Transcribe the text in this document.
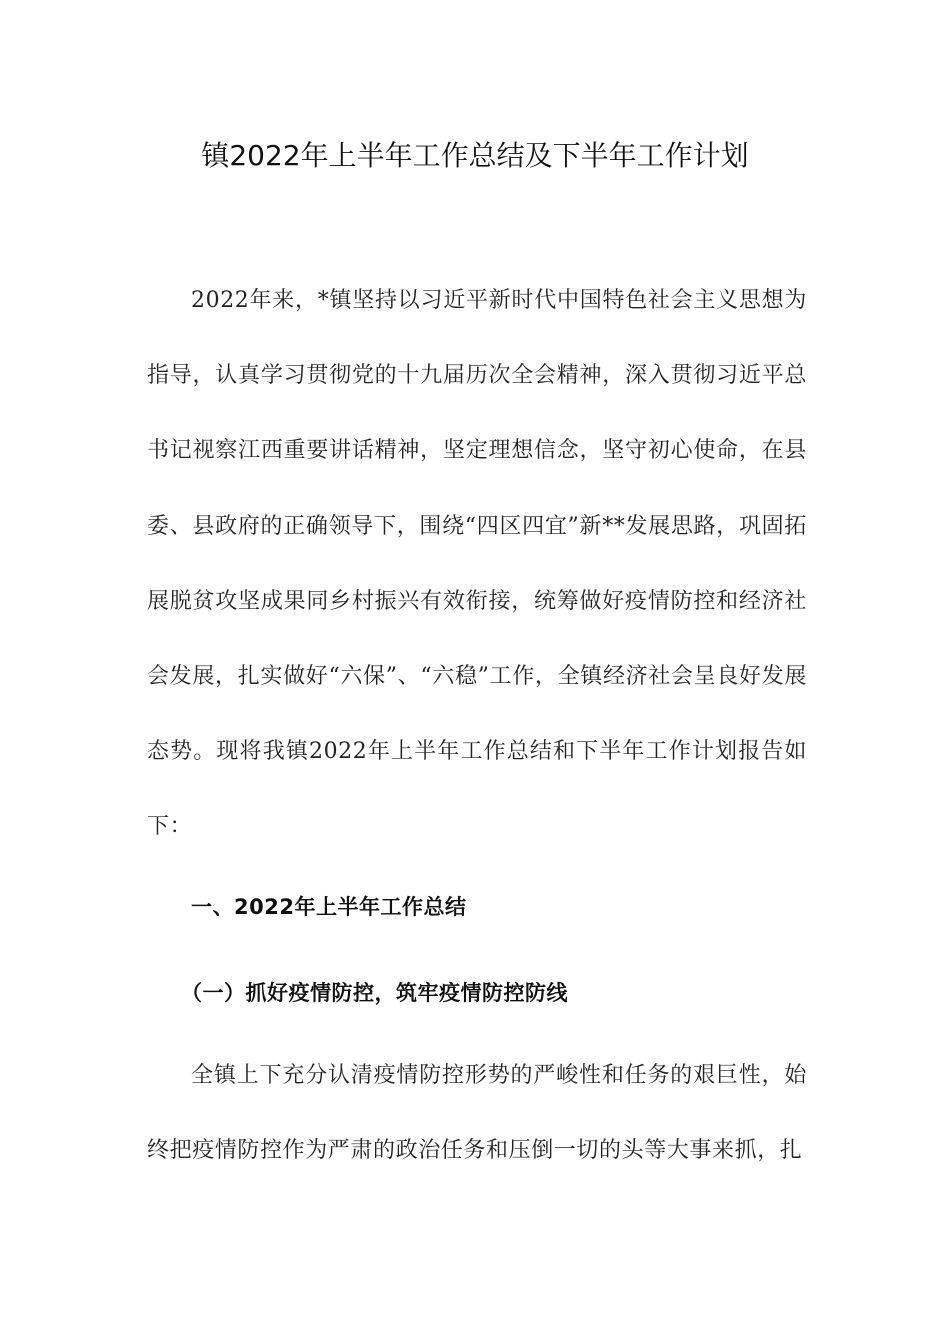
镇2022年上半年工作总结及下半年工作计划

2022年来，*镇坚持以习近平新时代中国特色社会主义思想为指导，认真学习贯彻党的十九届历次全会精神，深入贯彻习近平总书记视察江西重要讲话精神，坚定理想信念，坚守初心使命，在县委、县政府的正确领导下，围绕“四区四宜”新**发展思路，巩固拓展脱贫攻坚成果同乡村振兴有效衔接，统筹做好疫情防控和经济社会发展，扎实做好“六保”、“六稳”工作，全镇经济社会呈良好发展态势。现将我镇2022年上半年工作总结和下半年工作计划报告如下：

一、2022年上半年工作总结
（一）抓好疫情防控，筑牢疫情防控防线

全镇上下充分认清疫情防控形势的严峻性和任务的艰巨性，始终把疫情防控作为严肃的政治任务和压倒一切的头等大事来抓，扎
